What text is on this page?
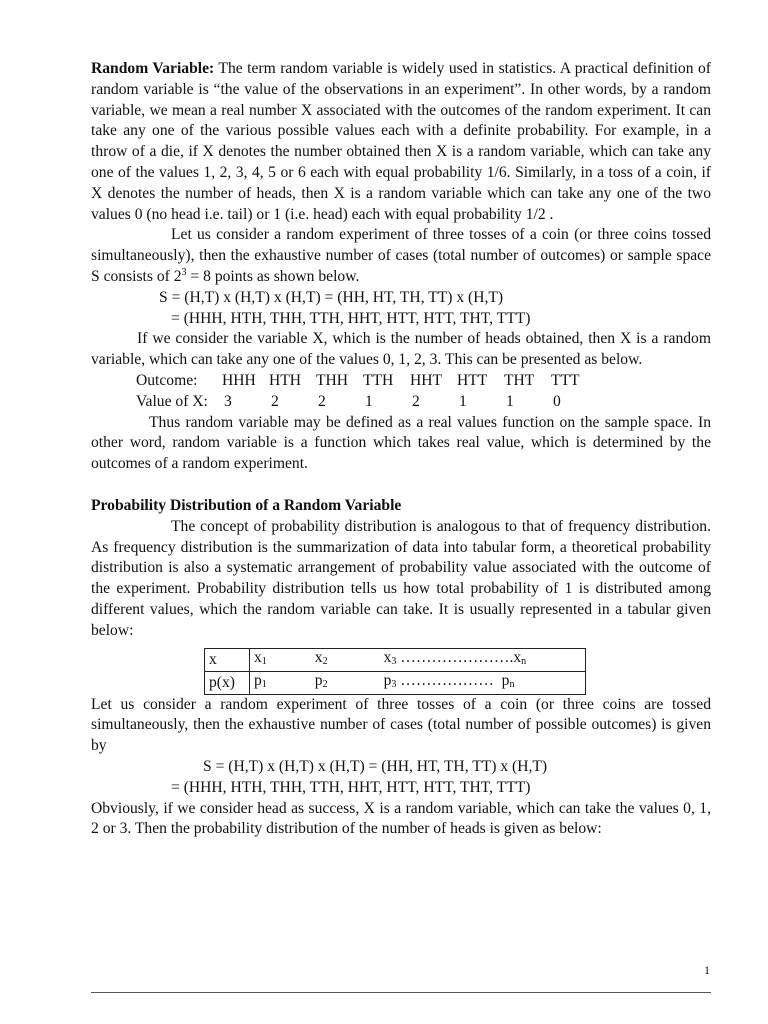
Random Variable: The term random variable is widely used in statistics. A practical definition of random variable is “the value of the observations in an experiment”. In other words, by a random variable, we mean a real number X associated with the outcomes of the random experiment. It can take any one of the various possible values each with a definite probability. For example, in a throw of a die, if X denotes the number obtained then X is a random variable, which can take any one of the values 1, 2, 3, 4, 5 or 6 each with equal probability 1/6. Similarly, in a toss of a coin, if X denotes the number of heads, then X is a random variable which can take any one of the two values 0 (no head i.e. tail) or 1 (i.e. head) each with equal probability 1/2 .

Let us consider a random experiment of three tosses of a coin (or three coins tossed simultaneously), then the exhaustive number of cases (total number of outcomes) or sample space S consists of $2^3 = 8$ points as shown below.

S = (H,T) x (H,T) x (H,T) = (HH, HT, TH, TT) x (H,T)
= (HHH, HTH, THH, TTH, HHT, HTT, HTT, THT, TTT)

If we consider the variable X, which is the number of heads obtained, then X is a random variable, which can take any one of the values 0, 1, 2, 3. This can be presented as below.

Outcome: HHH HTH THH TTH HHT HTT THT TTT
Value of X: 3	2	2	1	2	1	1	0

Thus random variable may be defined as a real values function on the sample space. In other word, random variable is a function which takes real value, which is determined by the outcomes of a random experiment.

Probability Distribution of a Random Variable

The concept of probability distribution is analogous to that of frequency distribution. As frequency distribution is the summarization of data into tabular form, a theoretical probability distribution is also a systematic arrangement of probability value associated with the outcome of the experiment. Probability distribution tells us how total probability of 1 is distributed among different values, which the random variable can take. It is usually represented in a tabular given below:

x	$x_1$ $x_2$ $x_3$ $\dots\dots\dots\dots\dots\dots\dots.x_n$
p(x)	$p_1$ $p_2$ $p_3$ ………………  $p_n$

Let us consider a random experiment of three tosses of a coin (or three coins are tossed simultaneously, then the exhaustive number of cases (total number of possible outcomes) is given by

S = (H,T) x (H,T) x (H,T) = (HH, HT, TH, TT) x (H,T)
= (HHH, HTH, THH, TTH, HHT, HTT, HTT, THT, TTT)

Obviously, if we consider head as success, X is a random variable, which can take the values 0, 1, 2 or 3. Then the probability distribution of the number of heads is given as below:

1
